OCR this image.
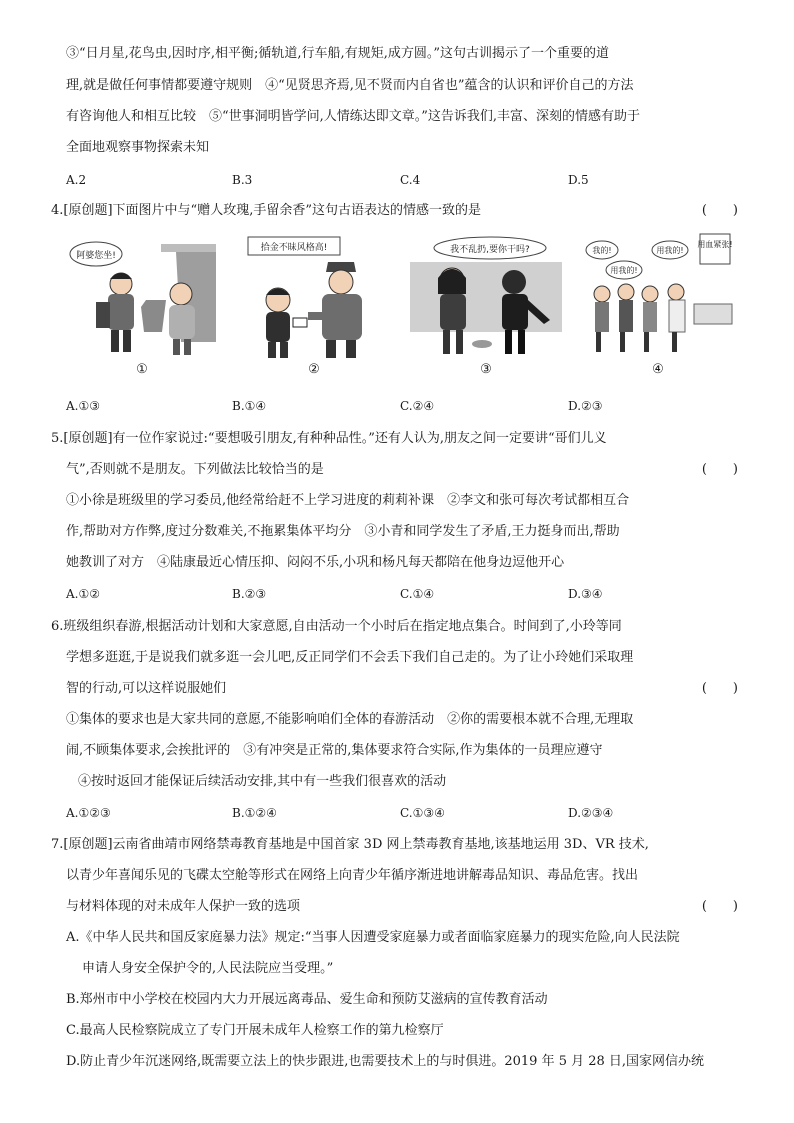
③“日月星,花鸟虫,因时序,相平衡;循轨道,行车船,有规矩,成方圆。”这句古训揭示了一个重要的道
理,就是做任何事情都要遵守规则　④“见贤思齐焉,见不贤而内自省也”蕴含的认识和评价自己的方法
有咨询他人和相互比较　⑤“世事洞明皆学问,人情练达即文章。”这告诉我们,丰富、深刻的情感有助于
全面地观察事物探索未知
A.2	B.3	C.4	D.5
4.[原创题]下面图片中与“赠人玫瑰,手留余香”这句古语表达的情感一致的是	(　　)
阿婆您坐!
①
拾金不昧风格高!
②
我不乱扔,要你干吗?
③
我的!
用我的!
用我的!
用血紧张!
④
A.①③	B.①④	C.②④	D.②③
5.[原创题]有一位作家说过:“要想吸引朋友,有种种品性。”还有人认为,朋友之间一定要讲“哥们儿义
气”,否则就不是朋友。下列做法比较恰当的是	(　　)
①小徐是班级里的学习委员,他经常给赶不上学习进度的莉莉补课　②李文和张可每次考试都相互合
作,帮助对方作弊,度过分数难关,不拖累集体平均分　③小青和同学发生了矛盾,王力挺身而出,帮助
她教训了对方　④陆康最近心情压抑、闷闷不乐,小巩和杨凡每天都陪在他身边逗他开心
A.①②	B.②③	C.①④	D.③④
6.班级组织春游,根据活动计划和大家意愿,自由活动一个小时后在指定地点集合。时间到了,小玲等同
学想多逛逛,于是说我们就多逛一会儿吧,反正同学们不会丢下我们自己走的。为了让小玲她们采取理
智的行动,可以这样说服她们	(　　)
①集体的要求也是大家共同的意愿,不能影响咱们全体的春游活动　②你的需要根本就不合理,无理取
闹,不顾集体要求,会挨批评的　③有冲突是正常的,集体要求符合实际,作为集体的一员理应遵守
④按时返回才能保证后续活动安排,其中有一些我们很喜欢的活动
A.①②③	B.①②④	C.①③④	D.②③④
7.[原创题]云南省曲靖市网络禁毒教育基地是中国首家 3D 网上禁毒教育基地,该基地运用 3D、VR 技术,
以青少年喜闻乐见的飞碟太空舱等形式在网络上向青少年循序渐进地讲解毒品知识、毒品危害。找出
与材料体现的对未成年人保护一致的选项	(　　)
A.《中华人民共和国反家庭暴力法》规定:“当事人因遭受家庭暴力或者面临家庭暴力的现实危险,向人民法院
申请人身安全保护令的,人民法院应当受理。”
B.郑州市中小学校在校园内大力开展远离毒品、爱生命和预防艾滋病的宣传教育活动
C.最高人民检察院成立了专门开展未成年人检察工作的第九检察厅
D.防止青少年沉迷网络,既需要立法上的快步跟进,也需要技术上的与时俱进。2019 年 5 月 28 日,国家网信办统
